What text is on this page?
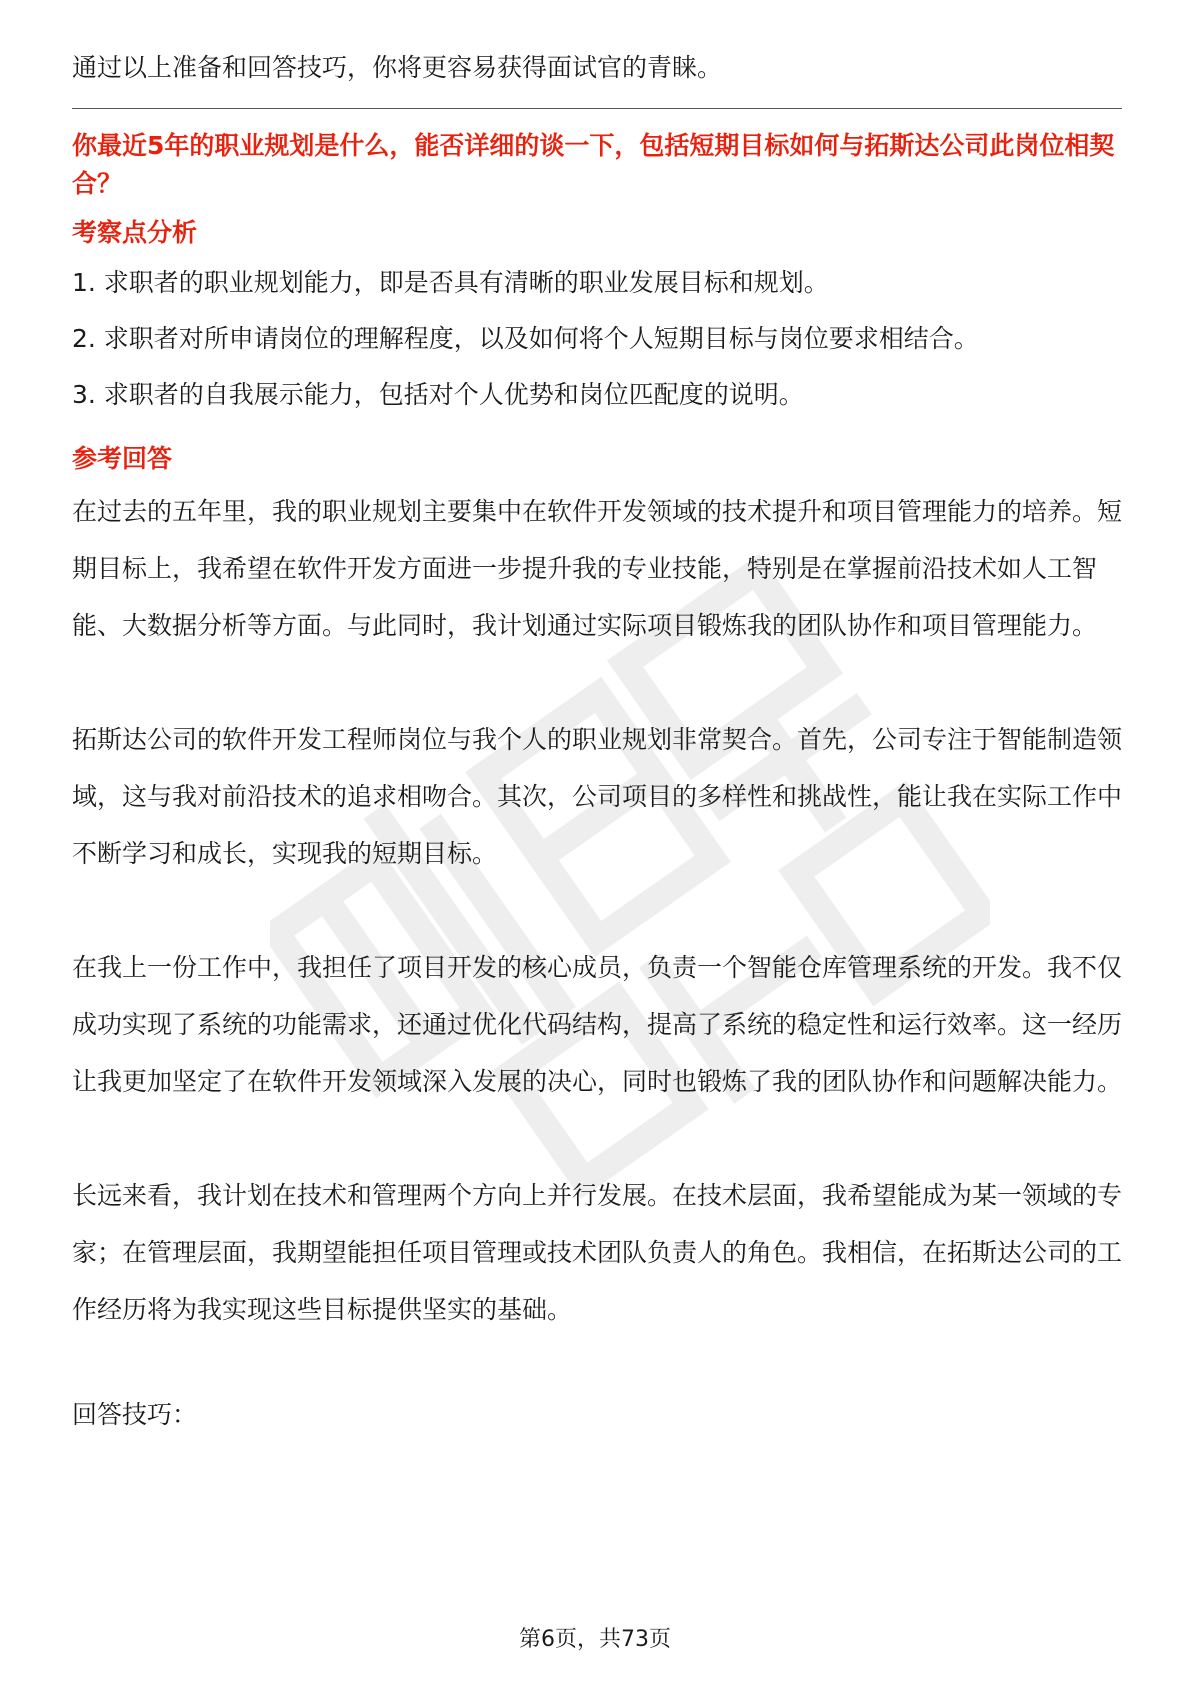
通过以上准备和回答技巧，你将更容易获得面试官的青睐。

你最近5年的职业规划是什么，能否详细的谈一下，包括短期目标如何与拓斯达公司此岗位相契合？

考察点分析

1. 求职者的职业规划能力，即是否具有清晰的职业发展目标和规划。

2. 求职者对所申请岗位的理解程度，以及如何将个人短期目标与岗位要求相结合。

3. 求职者的自我展示能力，包括对个人优势和岗位匹配度的说明。

参考回答

在过去的五年里，我的职业规划主要集中在软件开发领域的技术提升和项目管理能力的培养。短期目标上，我希望在软件开发方面进一步提升我的专业技能，特别是在掌握前沿技术如人工智能、大数据分析等方面。与此同时，我计划通过实际项目锻炼我的团队协作和项目管理能力。

拓斯达公司的软件开发工程师岗位与我个人的职业规划非常契合。首先，公司专注于智能制造领域，这与我对前沿技术的追求相吻合。其次，公司项目的多样性和挑战性，能让我在实际工作中不断学习和成长，实现我的短期目标。

在我上一份工作中，我担任了项目开发的核心成员，负责一个智能仓库管理系统的开发。我不仅成功实现了系统的功能需求，还通过优化代码结构，提高了系统的稳定性和运行效率。这一经历让我更加坚定了在软件开发领域深入发展的决心，同时也锻炼了我的团队协作和问题解决能力。

长远来看，我计划在技术和管理两个方向上并行发展。在技术层面，我希望能成为某一领域的专家；在管理层面，我期望能担任项目管理或技术团队负责人的角色。我相信，在拓斯达公司的工作经历将为我实现这些目标提供坚实的基础。

回答技巧：

第6页，共73页
